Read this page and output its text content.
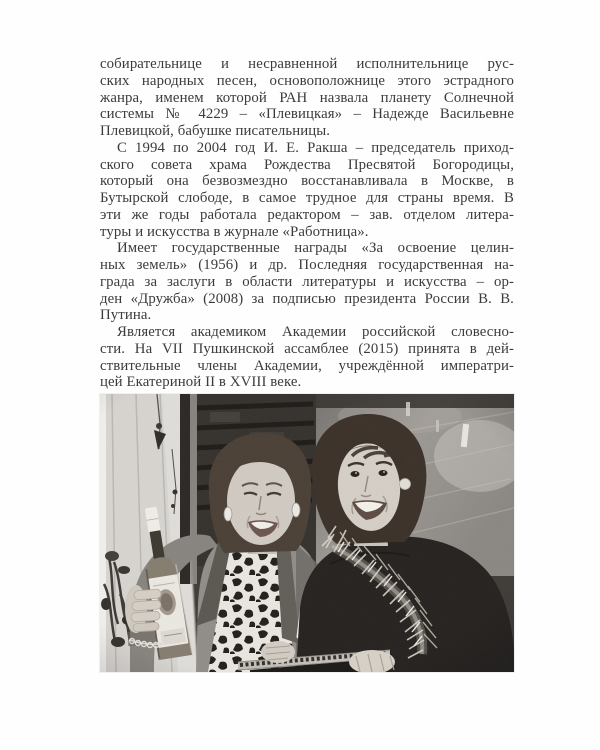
собирательнице и несравненной исполнительнице рус-
ских народных песен, основоположнице этого эстрадного
жанра, именем которой РАН назвала планету Солнечной
системы № 4229 – «Плевицкая» – Надежде Васильевне
Плевицкой, бабушке писательницы.
С 1994 по 2004 год И. Е. Ракша – председатель приход-
ского совета храма Рождества Пресвятой Богородицы,
который она безвозмездно восстанавливала в Москве, в
Бутырской слободе, в самое трудное для страны время. В
эти же годы работала редактором – зав. отделом литера-
туры и искусства в журнале «Работница».
Имеет государственные награды «За освоение целин-
ных земель» (1956) и др. Последняя государственная на-
града за заслуги в области литературы и искусства – ор-
ден «Дружба» (2008) за подписью президента России В. В.
Путина.
Является академиком Академии российской словесно-
сти. На VII Пушкинской ассамблее (2015) принята в дей-
ствительные члены Академии, учреждённой императри-
цей Екатериной II в XVIII веке.
